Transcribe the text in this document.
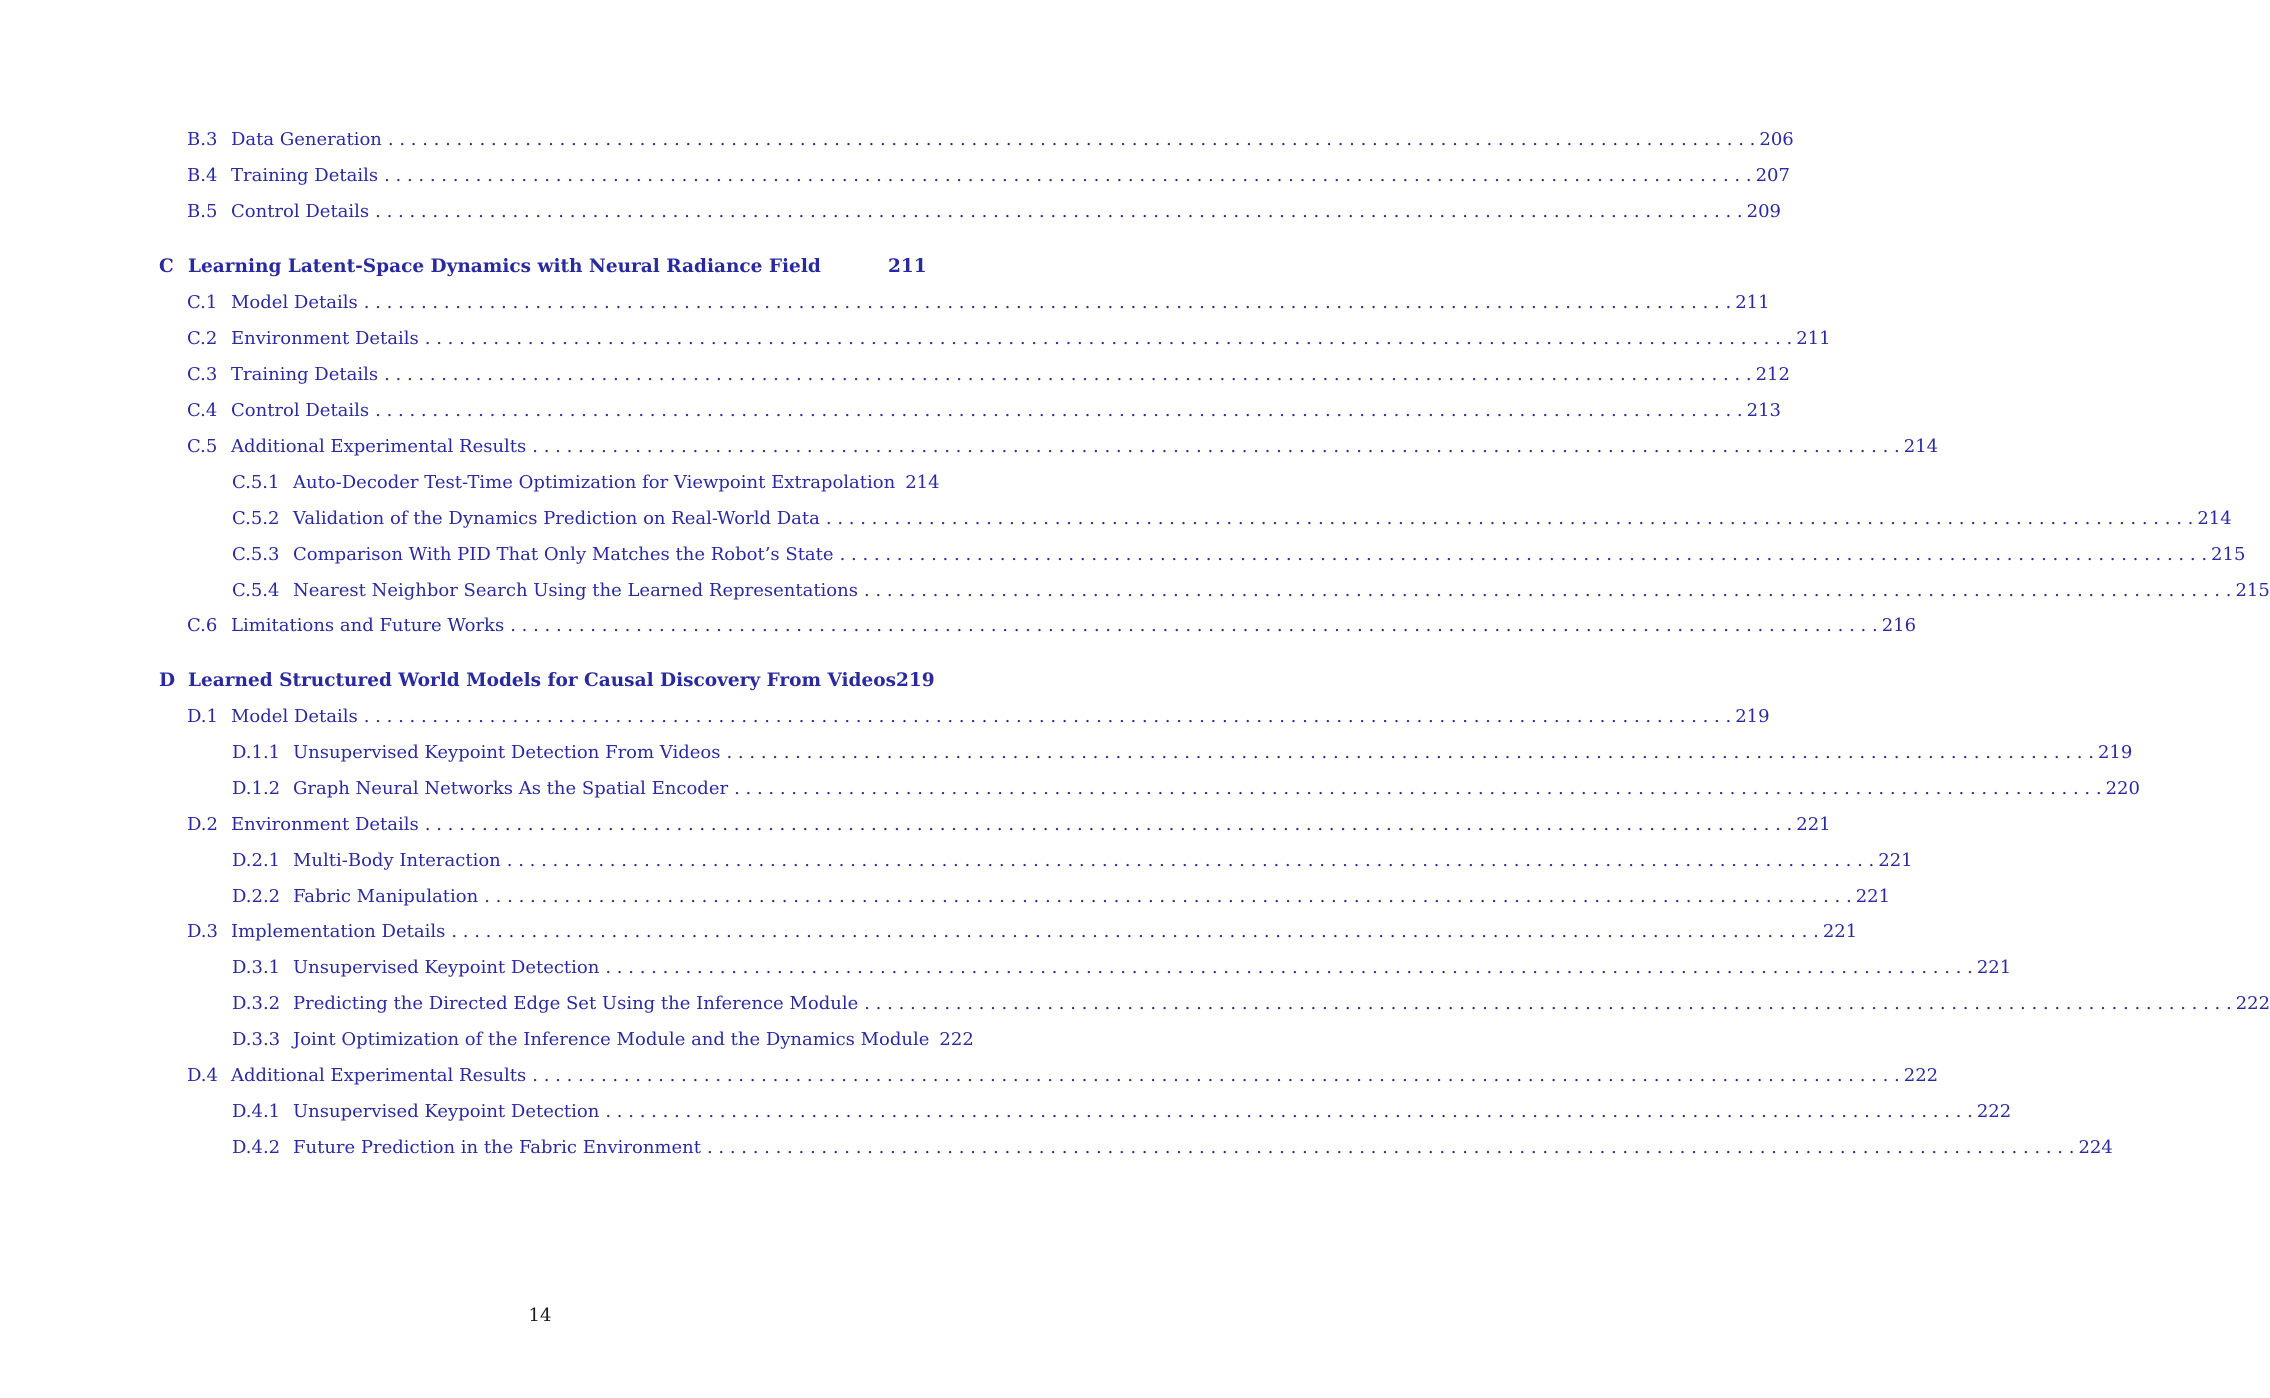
B.3 Data Generation . . . . . . . . . . . . . . . . . . . . . . . . . . . . . . . . . . . . . . . . . . . . . . . . . . . . . . . . . . . . . . . . . . . . . . . . . . . . . . . . . . . . . . . . . . . . . . . . . . . . . . . . . . . . . . . . . . . . . . . . 206
B.4 Training Details . . . . . . . . . . . . . . . . . . . . . . . . . . . . . . . . . . . . . . . . . . . . . . . . . . . . . . . . . . . . . . . . . . . . . . . . . . . . . . . . . . . . . . . . . . . . . . . . . . . . . . . . . . . . . . . . . . . . . . . . 207
B.5 Control Details . . . . . . . . . . . . . . . . . . . . . . . . . . . . . . . . . . . . . . . . . . . . . . . . . . . . . . . . . . . . . . . . . . . . . . . . . . . . . . . . . . . . . . . . . . . . . . . . . . . . . . . . . . . . . . . . . . . . . . . . 209
C Learning Latent-Space Dynamics with Neural Radiance Field	211
C.1 Model Details . . . . . . . . . . . . . . . . . . . . . . . . . . . . . . . . . . . . . . . . . . . . . . . . . . . . . . . . . . . . . . . . . . . . . . . . . . . . . . . . . . . . . . . . . . . . . . . . . . . . . . . . . . . . . . . . . . . . . . . . 211
C.2 Environment Details . . . . . . . . . . . . . . . . . . . . . . . . . . . . . . . . . . . . . . . . . . . . . . . . . . . . . . . . . . . . . . . . . . . . . . . . . . . . . . . . . . . . . . . . . . . . . . . . . . . . . . . . . . . . . . . . . . . . . . . . 211
C.3 Training Details . . . . . . . . . . . . . . . . . . . . . . . . . . . . . . . . . . . . . . . . . . . . . . . . . . . . . . . . . . . . . . . . . . . . . . . . . . . . . . . . . . . . . . . . . . . . . . . . . . . . . . . . . . . . . . . . . . . . . . . . 212
C.4 Control Details . . . . . . . . . . . . . . . . . . . . . . . . . . . . . . . . . . . . . . . . . . . . . . . . . . . . . . . . . . . . . . . . . . . . . . . . . . . . . . . . . . . . . . . . . . . . . . . . . . . . . . . . . . . . . . . . . . . . . . . . 213
C.5 Additional Experimental Results . . . . . . . . . . . . . . . . . . . . . . . . . . . . . . . . . . . . . . . . . . . . . . . . . . . . . . . . . . . . . . . . . . . . . . . . . . . . . . . . . . . . . . . . . . . . . . . . . . . . . . . . . . . . . . . . . . . . . . . . 214
C.5.1 Auto-Decoder Test-Time Optimization for Viewpoint Extrapolation 214
C.5.2 Validation of the Dynamics Prediction on Real-World Data . . . . . . . . . . . . . . . . . . . . . . . . . . . . . . . . . . . . . . . . . . . . . . . . . . . . . . . . . . . . . . . . . . . . . . . . . . . . . . . . . . . . . . . . . . . . . . . . . . . . . . . . . . . . . . . . . . . . . . . . 214
C.5.3 Comparison With PID That Only Matches the Robot’s State . . . . . . . . . . . . . . . . . . . . . . . . . . . . . . . . . . . . . . . . . . . . . . . . . . . . . . . . . . . . . . . . . . . . . . . . . . . . . . . . . . . . . . . . . . . . . . . . . . . . . . . . . . . . . . . . . . . . . . . . 215
C.5.4 Nearest Neighbor Search Using the Learned Representations . . . . . . . . . . . . . . . . . . . . . . . . . . . . . . . . . . . . . . . . . . . . . . . . . . . . . . . . . . . . . . . . . . . . . . . . . . . . . . . . . . . . . . . . . . . . . . . . . . . . . . . . . . . . . . . . . . . . . . . . 215
C.6 Limitations and Future Works . . . . . . . . . . . . . . . . . . . . . . . . . . . . . . . . . . . . . . . . . . . . . . . . . . . . . . . . . . . . . . . . . . . . . . . . . . . . . . . . . . . . . . . . . . . . . . . . . . . . . . . . . . . . . . . . . . . . . . . . 216
D Learned Structured World Models for Causal Discovery From Videos 219
D.1 Model Details . . . . . . . . . . . . . . . . . . . . . . . . . . . . . . . . . . . . . . . . . . . . . . . . . . . . . . . . . . . . . . . . . . . . . . . . . . . . . . . . . . . . . . . . . . . . . . . . . . . . . . . . . . . . . . . . . . . . . . . . 219
D.1.1 Unsupervised Keypoint Detection From Videos . . . . . . . . . . . . . . . . . . . . . . . . . . . . . . . . . . . . . . . . . . . . . . . . . . . . . . . . . . . . . . . . . . . . . . . . . . . . . . . . . . . . . . . . . . . . . . . . . . . . . . . . . . . . . . . . . . . . . . . . 219
D.1.2 Graph Neural Networks As the Spatial Encoder . . . . . . . . . . . . . . . . . . . . . . . . . . . . . . . . . . . . . . . . . . . . . . . . . . . . . . . . . . . . . . . . . . . . . . . . . . . . . . . . . . . . . . . . . . . . . . . . . . . . . . . . . . . . . . . . . . . . . . . . 220
D.2 Environment Details . . . . . . . . . . . . . . . . . . . . . . . . . . . . . . . . . . . . . . . . . . . . . . . . . . . . . . . . . . . . . . . . . . . . . . . . . . . . . . . . . . . . . . . . . . . . . . . . . . . . . . . . . . . . . . . . . . . . . . . . 221
D.2.1 Multi-Body Interaction . . . . . . . . . . . . . . . . . . . . . . . . . . . . . . . . . . . . . . . . . . . . . . . . . . . . . . . . . . . . . . . . . . . . . . . . . . . . . . . . . . . . . . . . . . . . . . . . . . . . . . . . . . . . . . . . . . . . . . . . 221
D.2.2 Fabric Manipulation . . . . . . . . . . . . . . . . . . . . . . . . . . . . . . . . . . . . . . . . . . . . . . . . . . . . . . . . . . . . . . . . . . . . . . . . . . . . . . . . . . . . . . . . . . . . . . . . . . . . . . . . . . . . . . . . . . . . . . . . 221
D.3 Implementation Details . . . . . . . . . . . . . . . . . . . . . . . . . . . . . . . . . . . . . . . . . . . . . . . . . . . . . . . . . . . . . . . . . . . . . . . . . . . . . . . . . . . . . . . . . . . . . . . . . . . . . . . . . . . . . . . . . . . . . . . . 221
D.3.1 Unsupervised Keypoint Detection . . . . . . . . . . . . . . . . . . . . . . . . . . . . . . . . . . . . . . . . . . . . . . . . . . . . . . . . . . . . . . . . . . . . . . . . . . . . . . . . . . . . . . . . . . . . . . . . . . . . . . . . . . . . . . . . . . . . . . . . 221
D.3.2 Predicting the Directed Edge Set Using the Inference Module . . . . . . . . . . . . . . . . . . . . . . . . . . . . . . . . . . . . . . . . . . . . . . . . . . . . . . . . . . . . . . . . . . . . . . . . . . . . . . . . . . . . . . . . . . . . . . . . . . . . . . . . . . . . . . . . . . . . . . . . 222
D.3.3 Joint Optimization of the Inference Module and the Dynamics Module 222
D.4 Additional Experimental Results . . . . . . . . . . . . . . . . . . . . . . . . . . . . . . . . . . . . . . . . . . . . . . . . . . . . . . . . . . . . . . . . . . . . . . . . . . . . . . . . . . . . . . . . . . . . . . . . . . . . . . . . . . . . . . . . . . . . . . . . 222
D.4.1 Unsupervised Keypoint Detection . . . . . . . . . . . . . . . . . . . . . . . . . . . . . . . . . . . . . . . . . . . . . . . . . . . . . . . . . . . . . . . . . . . . . . . . . . . . . . . . . . . . . . . . . . . . . . . . . . . . . . . . . . . . . . . . . . . . . . . . 222
D.4.2 Future Prediction in the Fabric Environment . . . . . . . . . . . . . . . . . . . . . . . . . . . . . . . . . . . . . . . . . . . . . . . . . . . . . . . . . . . . . . . . . . . . . . . . . . . . . . . . . . . . . . . . . . . . . . . . . . . . . . . . . . . . . . . . . . . . . . . . 224
14
